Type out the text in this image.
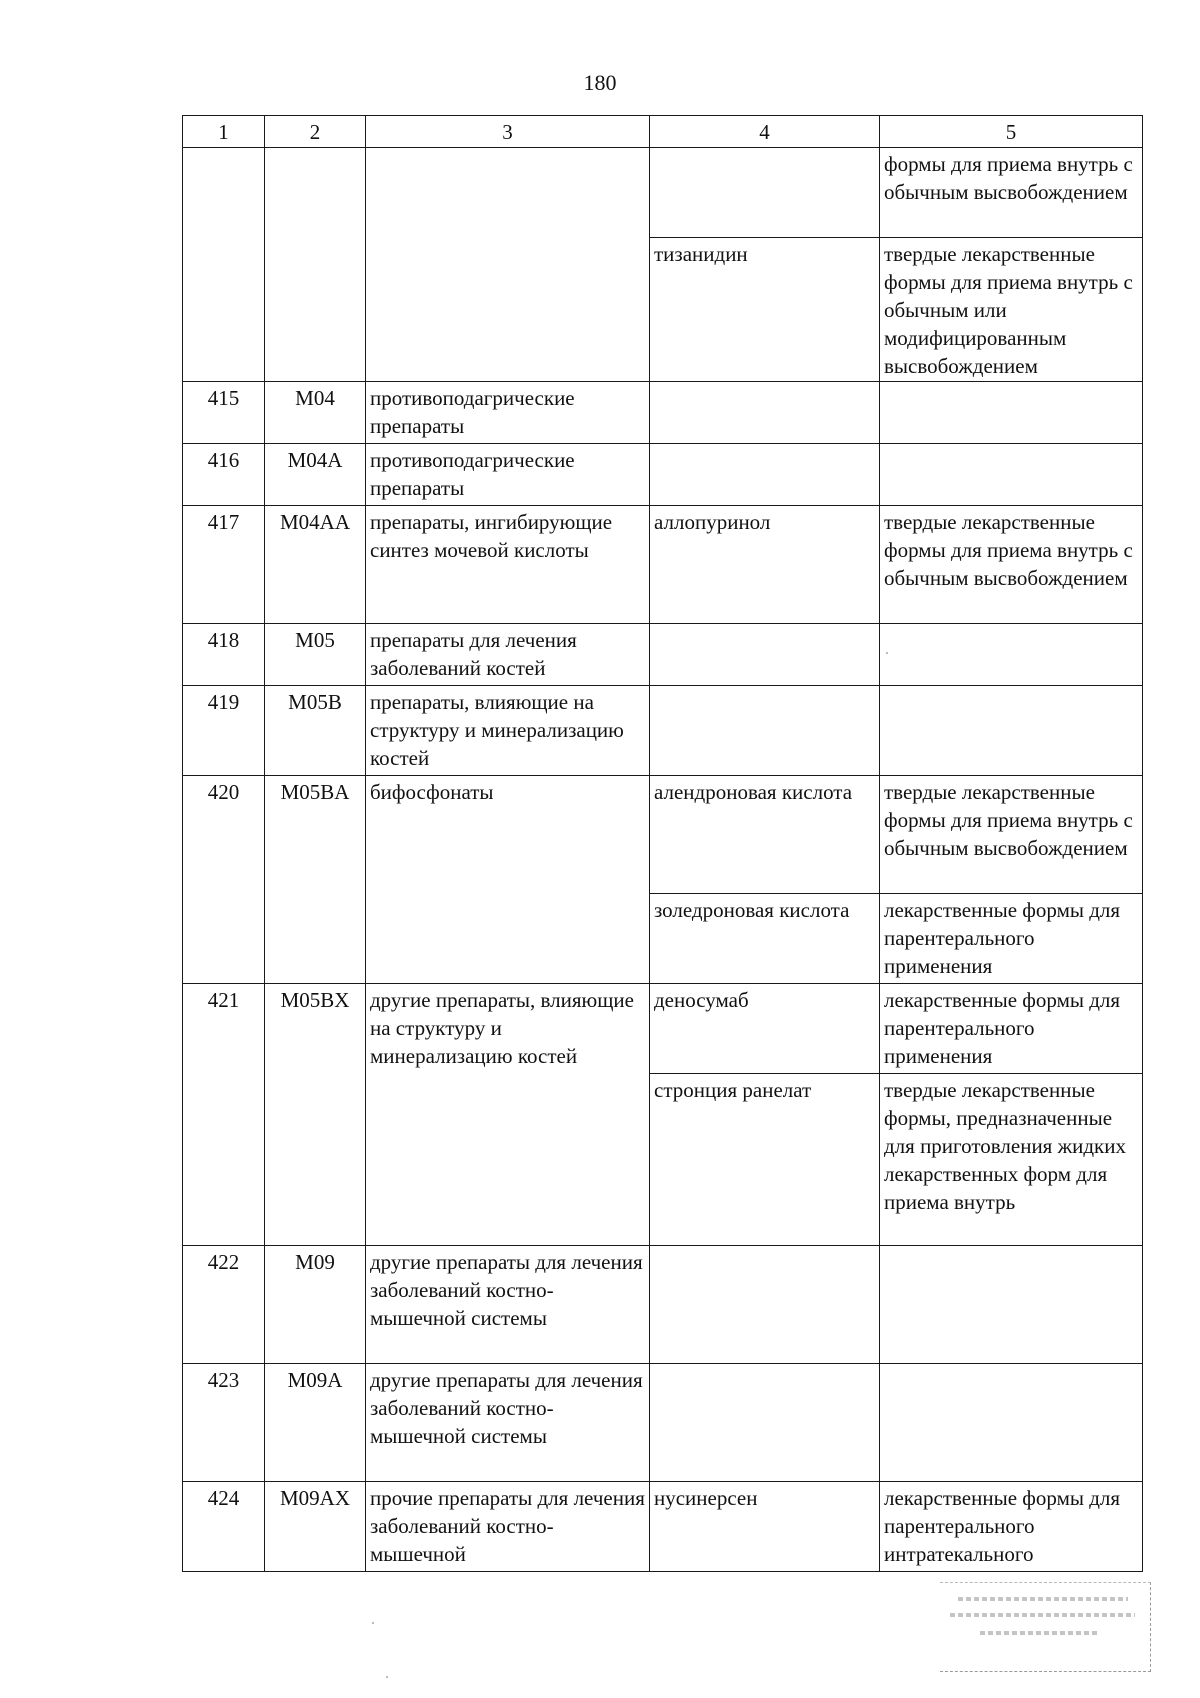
180
1	2	3	4	5
				формы для приема внутрь с обычным высвобождением
			тизанидин	твердые лекарственные формы для приема внутрь с обычным или модифицированным высвобождением
415	M04	противоподагрические препараты		
416	M04A	противоподагрические препараты		
417	M04AA	препараты, ингибирующие синтез мочевой кислоты	аллопуринол	твердые лекарственные формы для приема внутрь с обычным высвобождением
418	M05	препараты для лечения заболеваний костей		
419	M05B	препараты, влияющие на структуру и минерализацию костей		
420	M05BA	бифосфонаты	алендроновая кислота	твердые лекарственные формы для приема внутрь с обычным высвобождением
			золедроновая кислота	лекарственные формы для парентерального применения
421	M05BX	другие препараты, влияющие на структуру и минерализацию костей	деносумаб	лекарственные формы для парентерального применения
			стронция ранелат	твердые лекарственные формы, предназначенные для приготовления жидких лекарственных форм для приема внутрь
422	M09	другие препараты для лечения заболеваний костно-мышечной системы		
423	M09A	другие препараты для лечения заболеваний костно-мышечной системы		
424	M09AX	прочие препараты для лечения заболеваний костно-мышечной	нусинерсен	лекарственные формы для парентерального интратекального
